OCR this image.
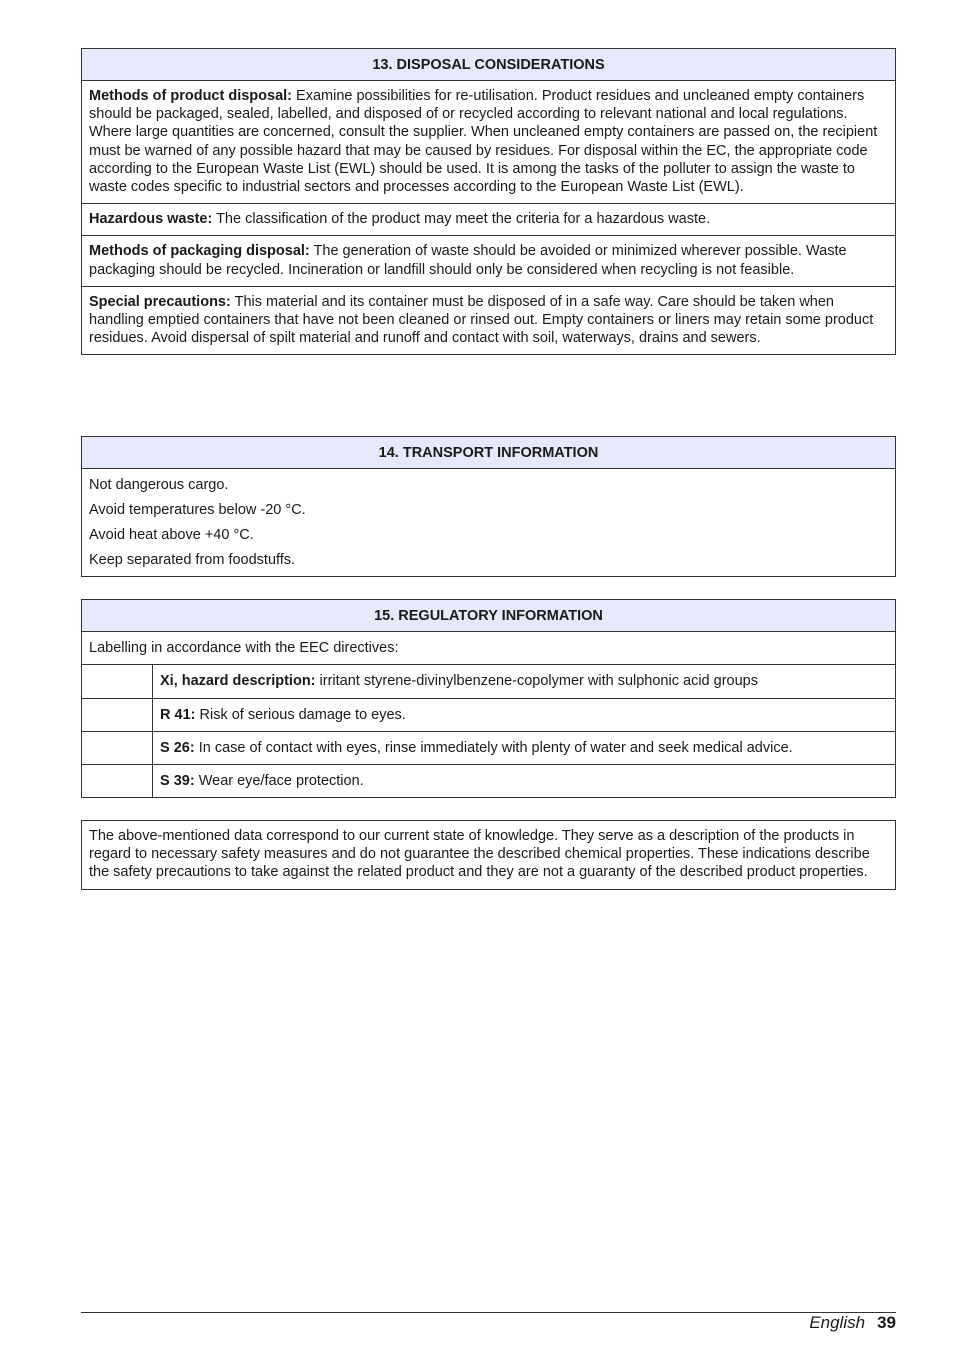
13. DISPOSAL CONSIDERATIONS
Methods of product disposal: Examine possibilities for re-utilisation. Product residues and uncleaned empty containers should be packaged, sealed, labelled, and disposed of or recycled according to relevant national and local regulations. Where large quantities are concerned, consult the supplier. When uncleaned empty containers are passed on, the recipient must be warned of any possible hazard that may be caused by residues. For disposal within the EC, the appropriate code according to the European Waste List (EWL) should be used. It is among the tasks of the polluter to assign the waste to waste codes specific to industrial sectors and processes according to the European Waste List (EWL).
Hazardous waste: The classification of the product may meet the criteria for a hazardous waste.
Methods of packaging disposal: The generation of waste should be avoided or minimized wherever possible. Waste packaging should be recycled. Incineration or landfill should only be considered when recycling is not feasible.
Special precautions: This material and its container must be disposed of in a safe way. Care should be taken when handling emptied containers that have not been cleaned or rinsed out. Empty containers or liners may retain some product residues. Avoid dispersal of spilt material and runoff and contact with soil, waterways, drains and sewers.
14. TRANSPORT INFORMATION
Not dangerous cargo.
Avoid temperatures below -20 °C.
Avoid heat above +40 °C.
Keep separated from foodstuffs.
15. REGULATORY INFORMATION
Labelling in accordance with the EEC directives:
Xi, hazard description: irritant styrene-divinylbenzene-copolymer with sulphonic acid groups
R 41: Risk of serious damage to eyes.
S 26: In case of contact with eyes, rinse immediately with plenty of water and seek medical advice.
S 39: Wear eye/face protection.
The above-mentioned data correspond to our current state of knowledge. They serve as a description of the products in regard to necessary safety measures and do not guarantee the described chemical properties. These indications describe the safety precautions to take against the related product and they are not a guaranty of the described product properties.
English 39
